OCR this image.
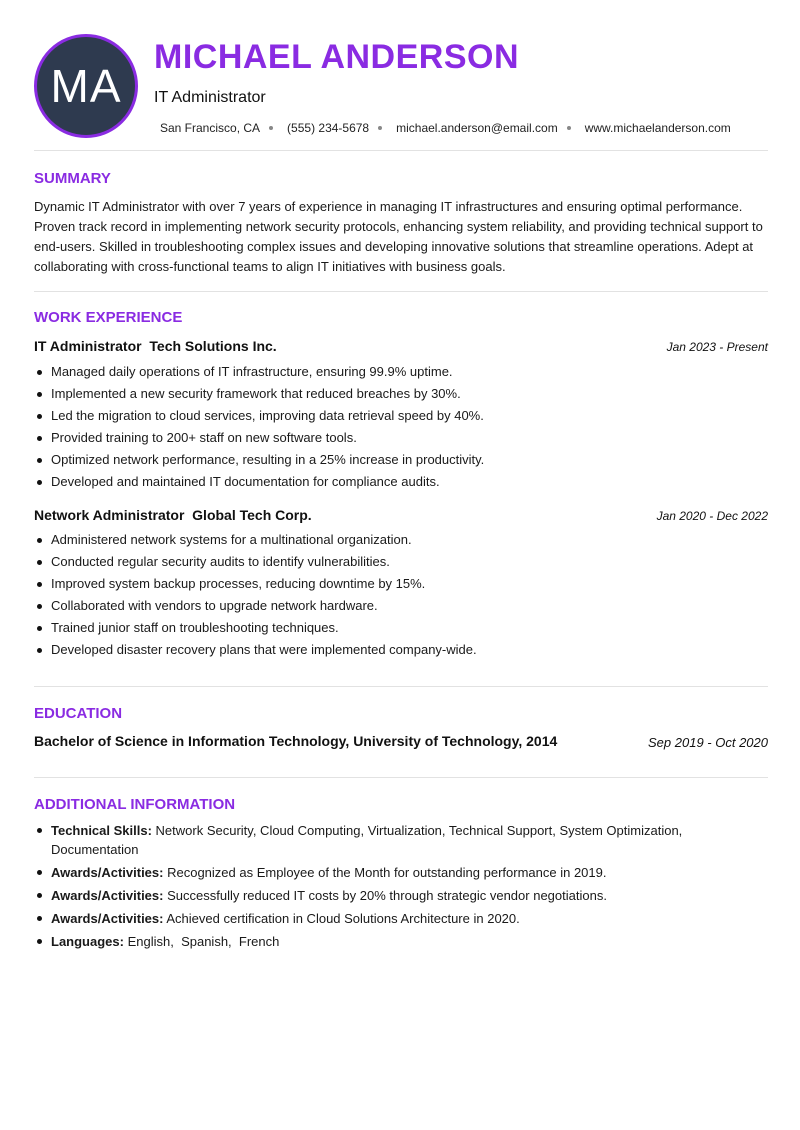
MA
MICHAEL ANDERSON
IT Administrator
San Francisco, CA (555) 234-5678 michael.anderson@email.com www.michaelanderson.com
SUMMARY

Dynamic IT Administrator with over 7 years of experience in managing IT infrastructures and ensuring optimal performance. Proven track record in implementing network security protocols, enhancing system reliability, and providing technical support to end-users. Skilled in troubleshooting complex issues and developing innovative solutions that streamline operations. Adept at collaborating with cross-functional teams to align IT initiatives with business goals.

WORK EXPERIENCE
IT Administrator Tech Solutions Inc.	Jan 2023 - Present
Managed daily operations of IT infrastructure, ensuring 99.9% uptime.
Implemented a new security framework that reduced breaches by 30%.
Led the migration to cloud services, improving data retrieval speed by 40%.
Provided training to 200+ staff on new software tools.
Optimized network performance, resulting in a 25% increase in productivity.
Developed and maintained IT documentation for compliance audits.
Network Administrator Global Tech Corp.	Jan 2020 - Dec 2022
Administered network systems for a multinational organization.
Conducted regular security audits to identify vulnerabilities.
Improved system backup processes, reducing downtime by 15%.
Collaborated with vendors to upgrade network hardware.
Trained junior staff on troubleshooting techniques.
Developed disaster recovery plans that were implemented company-wide.
EDUCATION
Bachelor of Science in Information Technology, University of Technology, 2014	Sep 2019 - Oct 2020
ADDITIONAL INFORMATION
Technical Skills: Network Security, Cloud Computing, Virtualization, Technical Support, System Optimization, Documentation
Awards/Activities: Recognized as Employee of the Month for outstanding performance in 2019.
Awards/Activities: Successfully reduced IT costs by 20% through strategic vendor negotiations.
Awards/Activities: Achieved certification in Cloud Solutions Architecture in 2020.
Languages: English,  Spanish,  French
